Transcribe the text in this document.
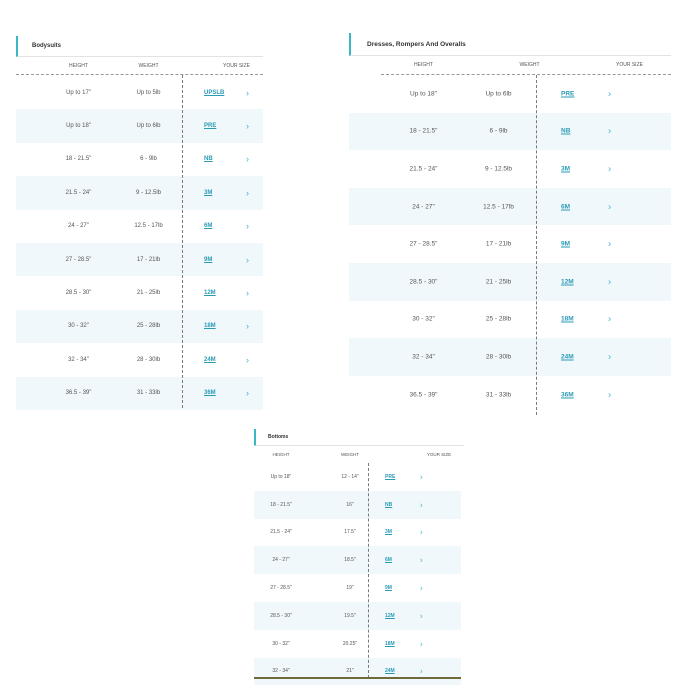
Bodysuits
HEIGHT	WEIGHT	YOUR SIZE
Up to 17"	Up to 5lb	UPSLB ›
Up to 18"	Up to 6lb	PRE	›
18 - 21.5"	6 - 9lb	NB	›
21.5 - 24"	9 - 12.5lb	3M	›
24 - 27"	12.5 - 17lb	6M	›
27 - 28.5"	17 - 21lb	9M	›
28.5 - 30"	21 - 25lb	12M	›
30 - 32"	25 - 28lb	18M	›
32 - 34"	28 - 30lb	24M	›
36.5 - 39"	31 - 33lb	36M	›
Dresses, Rompers And Overalls
HEIGHT	WEIGHT	YOUR SIZE
Up to 18"	Up to 6lb	PRE	›
18 - 21.5"	6 - 9lb	NB	›
21.5 - 24"	9 - 12.5lb	3M	›
24 - 27"	12.5 - 17lb	6M	›
27 - 28.5"	17 - 21lb	9M	›
28.5 - 30"	21 - 25lb	12M	›
30 - 32"	25 - 28lb	18M	›
32 - 34"	28 - 30lb	24M	›
36.5 - 39"	31 - 33lb	36M	›
Bottoms
HEIGHT	WEIGHT	YOUR SIZE
Up to 18"	12 - 14"	PRE	›
18 - 21.5"	16"	NB	›
21.5 - 24"	17.5"	3M	›
24 - 27"	18.5"	6M	›
27 - 28.5"	19"	9M	›
28.5 - 30"	19.5"	12M	›
30 - 32"	20.25"	18M	›
32 - 34"	21"	24M	›
